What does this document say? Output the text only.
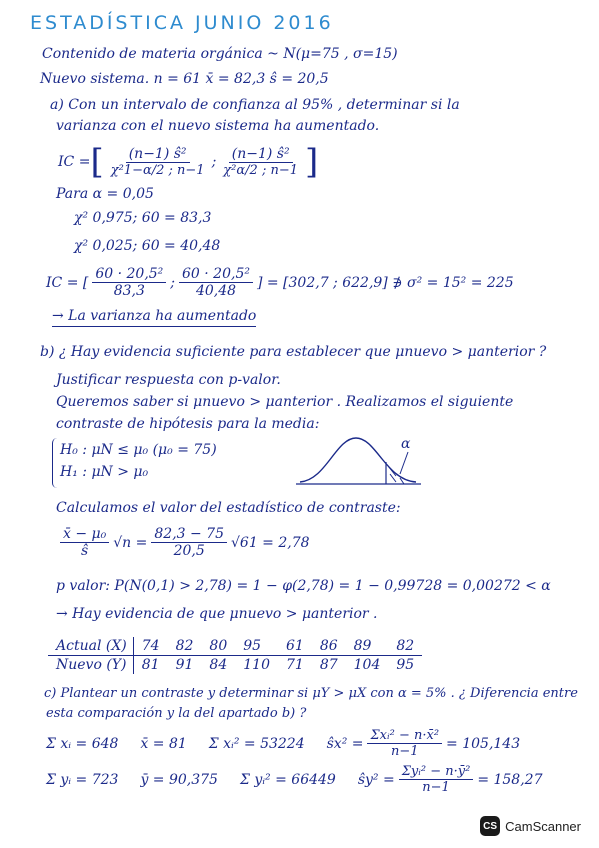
ESTADÍSTICA JUNIO 2016
Contenido de materia orgánica ~ N(μ=75 , σ=15)
Nuevo sistema. n = 61 x̄ = 82,3 ŝ = 20,5
a) Con un intervalo de confianza al 95% , determinar si la
varianza con el nuevo sistema ha aumentado.
IC = [ $\frac{\text{(n−1) ŝ²}}{\text{χ²1−α/2 ; n−1}}$ ; $\frac{\text{(n−1) ŝ²}}{\text{χ²α/2 ; n−1}}$ ]
Para α = 0,05
χ² 0,975; 60 = 83,3
χ² 0,025; 60 = 40,48
IC = [ $\frac{\text{60 · 20,5²}}{83,3}$ ; $\frac{\text{60 · 20,5²}}{40,48}$ ] = [302,7 ; 622,9] ∌ σ² = 15² = 225
→ La varianza ha aumentado
b) ¿ Hay evidencia suficiente para establecer que μnuevo > μanterior ?
Justificar respuesta con p-valor.
Queremos saber si μnuevo > μanterior . Realizamos el siguiente
contraste de hipótesis para la media:
H₀ : μN ≤ μ₀ (μ₀ = 75)
H₁ : μN > μ₀
α
Calculamos el valor del estadístico de contraste:
$\frac{\text{x̄ − μ₀}}{ŝ} √n = \frac{82,3 - 75}{20,5} √61 = 2,78$
p valor: P(N(0,1) > 2,78) = 1 − φ(2,78) = 1 − 0,99728 = 0,00272 < α
→ Hay evidencia de que μnuevo > μanterior .
Actual (X)	74	82	80	95	61	86	89	82
Nuevo (Y)	81	91	84	110	71	87	104	95
c) Plantear un contraste y determinar si μY > μX con α = 5% . ¿ Diferencia entre
esta comparación y la del apartado b) ?
Σ xᵢ = 648 x̄ = 81 Σ xᵢ² = 53224 ŝx² = $\frac{\text{Σxᵢ² − n·x̄²}}{n-1} = 105,143$
Σ yᵢ = 723 ȳ = 90,375 Σ yᵢ² = 66449 ŝy² = $\frac{\text{Σyᵢ² − n·ȳ²}}{n-1} = 158,27$
CS CamScanner
